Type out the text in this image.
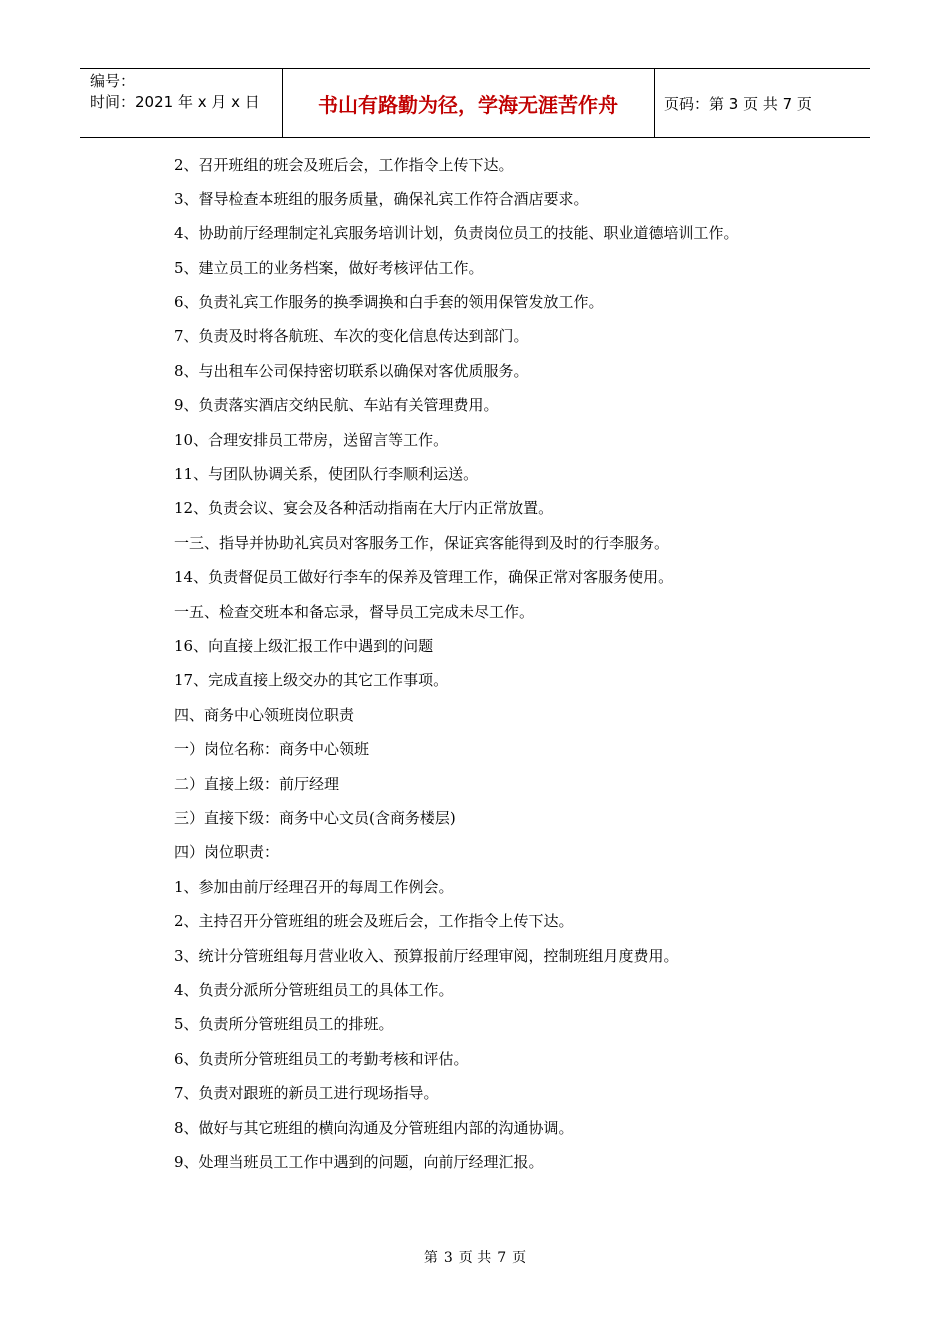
编号：
时间：2021 年 x 月 x 日	书山有路勤为径，学海无涯苦作舟	页码：第 3 页 共 7 页
2、召开班组的班会及班后会，工作指令上传下达。
3、督导检查本班组的服务质量，确保礼宾工作符合酒店要求。
4、协助前厅经理制定礼宾服务培训计划，负责岗位员工的技能、职业道德培训工作。
5、建立员工的业务档案，做好考核评估工作。
6、负责礼宾工作服务的换季调换和白手套的领用保管发放工作。
7、负责及时将各航班、车次的变化信息传达到部门。
8、与出租车公司保持密切联系以确保对客优质服务。
9、负责落实酒店交纳民航、车站有关管理费用。
10、合理安排员工带房，送留言等工作。
11、与团队协调关系，使团队行李顺利运送。
12、负责会议、宴会及各种活动指南在大厅内正常放置。
一三、指导并协助礼宾员对客服务工作，保证宾客能得到及时的行李服务。
14、负责督促员工做好行李车的保养及管理工作，确保正常对客服务使用。
一五、检查交班本和备忘录，督导员工完成未尽工作。
16、向直接上级汇报工作中遇到的问题
17、完成直接上级交办的其它工作事项。
四、商务中心领班岗位职责
一）岗位名称：商务中心领班
二）直接上级：前厅经理
三）直接下级：商务中心文员(含商务楼层)
四）岗位职责：
1、参加由前厅经理召开的每周工作例会。
2、主持召开分管班组的班会及班后会，工作指令上传下达。
3、统计分管班组每月营业收入、预算报前厅经理审阅，控制班组月度费用。
4、负责分派所分管班组员工的具体工作。
5、负责所分管班组员工的排班。
6、负责所分管班组员工的考勤考核和评估。
7、负责对跟班的新员工进行现场指导。
8、做好与其它班组的横向沟通及分管班组内部的沟通协调。
9、处理当班员工工作中遇到的问题，向前厅经理汇报。
第 3 页 共 7 页
